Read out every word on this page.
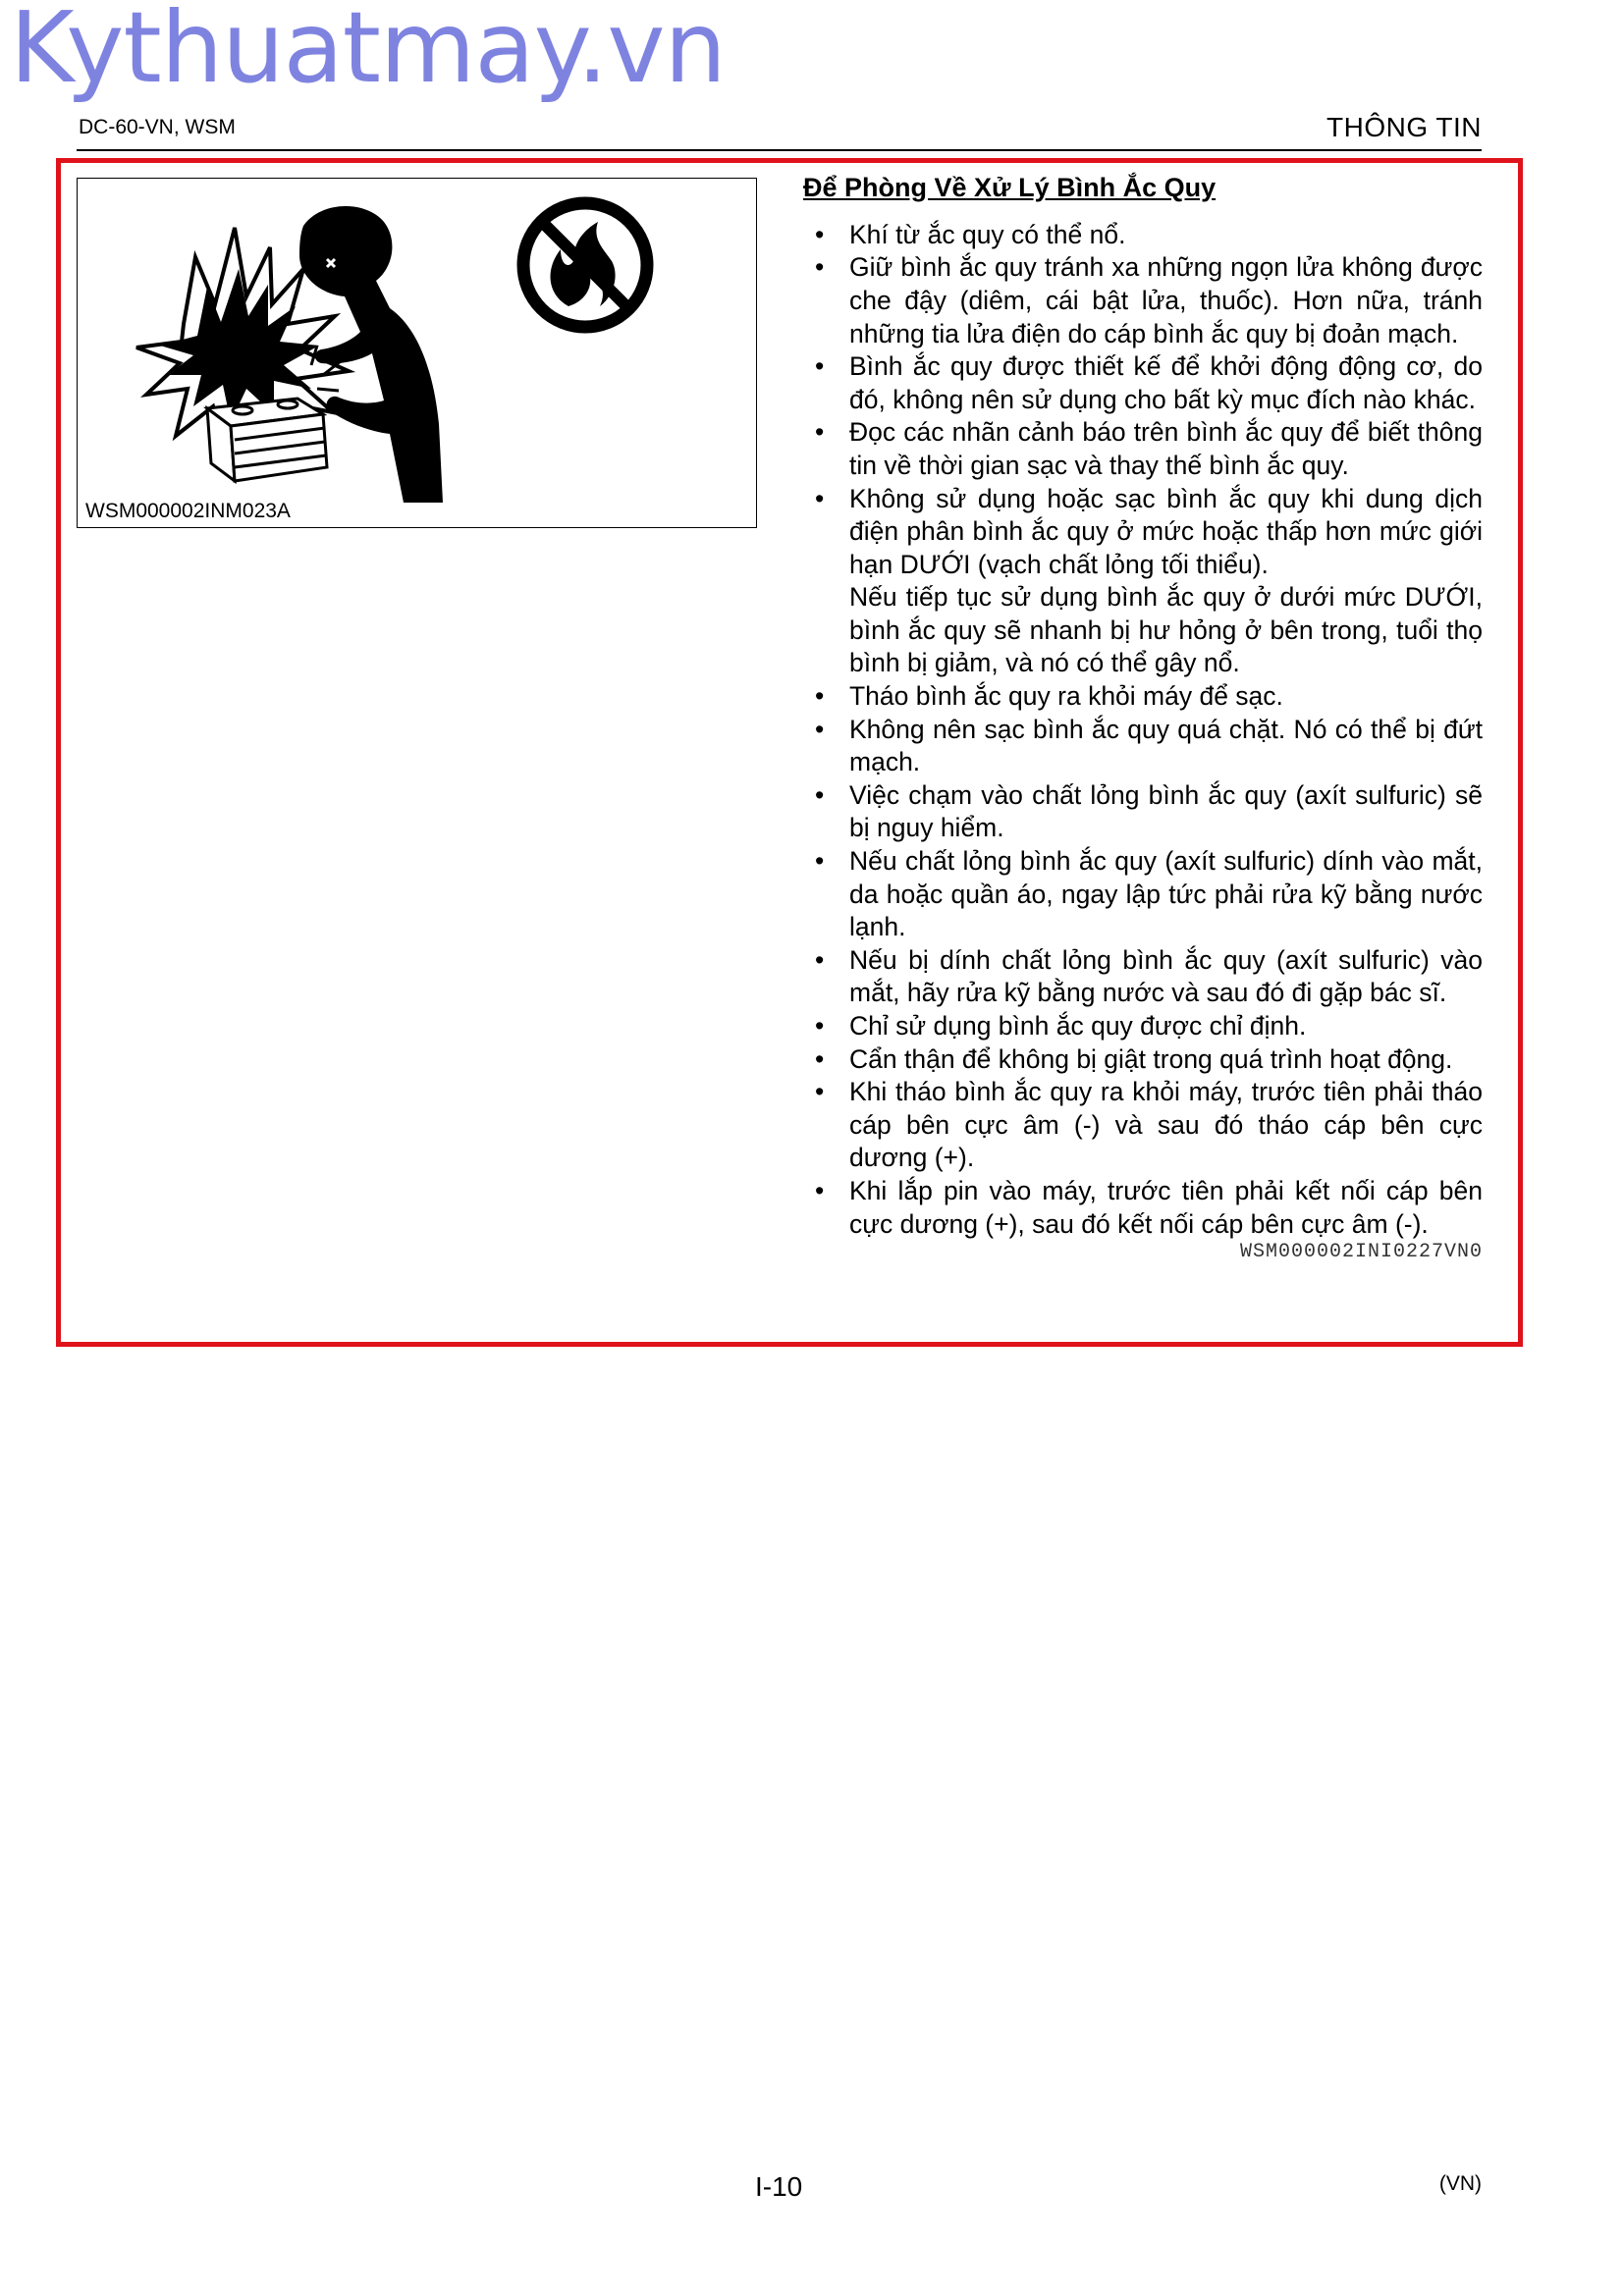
Kythuatmay.vn
DC-60-VN, WSM	THÔNG TIN
WSM000002INM023A
Để Phòng Về Xử Lý Bình Ắc Quy
• Khí từ ắc quy có thể nổ.
• Giữ bình ắc quy tránh xa những ngọn lửa không được che đậy (diêm, cái bật lửa, thuốc). Hơn nữa, tránh những tia lửa điện do cáp bình ắc quy bị đoản mạch.
• Bình ắc quy được thiết kế để khởi động động cơ, do đó, không nên sử dụng cho bất kỳ mục đích nào khác.
• Đọc các nhãn cảnh báo trên bình ắc quy để biết thông tin về thời gian sạc và thay thế bình ắc quy.
• Không sử dụng hoặc sạc bình ắc quy khi dung dịch điện phân bình ắc quy ở mức hoặc thấp hơn mức giới hạn DƯỚI (vạch chất lỏng tối thiểu).
Nếu tiếp tục sử dụng bình ắc quy ở dưới mức DƯỚI, bình ắc quy sẽ nhanh bị hư hỏng ở bên trong, tuổi thọ bình bị giảm, và nó có thể gây nổ.
• Tháo bình ắc quy ra khỏi máy để sạc.
• Không nên sạc bình ắc quy quá chặt. Nó có thể bị đứt mạch.
• Việc chạm vào chất lỏng bình ắc quy (axít sulfuric) sẽ bị nguy hiểm.
• Nếu chất lỏng bình ắc quy (axít sulfuric) dính vào mắt, da hoặc quần áo, ngay lập tức phải rửa kỹ bằng nước lạnh.
• Nếu bị dính chất lỏng bình ắc quy (axít sulfuric) vào mắt, hãy rửa kỹ bằng nước và sau đó đi gặp bác sĩ.
• Chỉ sử dụng bình ắc quy được chỉ định.
• Cẩn thận để không bị giật trong quá trình hoạt động.
• Khi tháo bình ắc quy ra khỏi máy, trước tiên phải tháo cáp bên cực âm (-) và sau đó tháo cáp bên cực dương (+).
• Khi lắp pin vào máy, trước tiên phải kết nối cáp bên cực dương (+), sau đó kết nối cáp bên cực âm (-).
WSM000002INI0227VN0
I-10	(VN)
